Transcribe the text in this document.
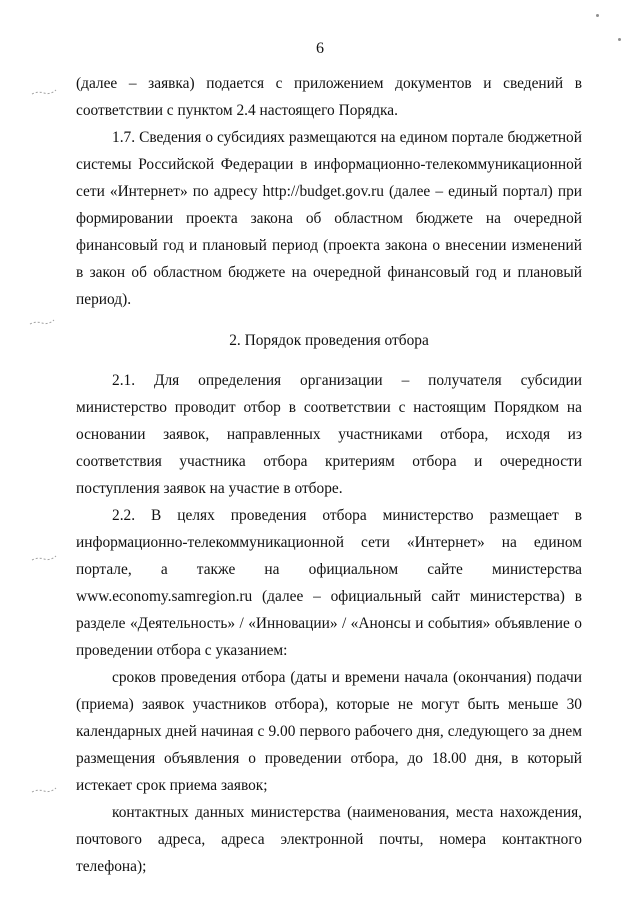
6

(далее – заявка) подается с приложением документов и сведений в соответствии с пунктом 2.4 настоящего Порядка.

1.7. Сведения о субсидиях размещаются на едином портале бюджетной системы Российской Федерации в информационно-телекоммуникационной сети «Интернет» по адресу http://budget.gov.ru (далее – единый портал) при формировании проекта закона об областном бюджете на очередной финансовый год и плановый период (проекта закона о внесении изменений в закон об областном бюджете на очередной финансовый год и плановый период).

2. Порядок проведения отбора

2.1. Для определения организации – получателя субсидии министерство проводит отбор в соответствии с настоящим Порядком на основании заявок, направленных участниками отбора, исходя из соответствия участника отбора критериям отбора и очередности поступления заявок на участие в отборе.

2.2. В целях проведения отбора министерство размещает в информационно-телекоммуникационной сети «Интернет» на едином портале, а также на официальном сайте министерства www.economy.samregion.ru (далее – официальный сайт министерства) в разделе «Деятельность» / «Инновации» / «Анонсы и события» объявление о проведении отбора с указанием:

сроков проведения отбора (даты и времени начала (окончания) подачи (приема) заявок участников отбора), которые не могут быть меньше 30 календарных дней начиная с 9.00 первого рабочего дня, следующего за днем размещения объявления о проведении отбора, до 18.00 дня, в который истекает срок приема заявок;

контактных данных министерства (наименования, места нахождения, почтового адреса, адреса электронной почты, номера контактного телефона);
